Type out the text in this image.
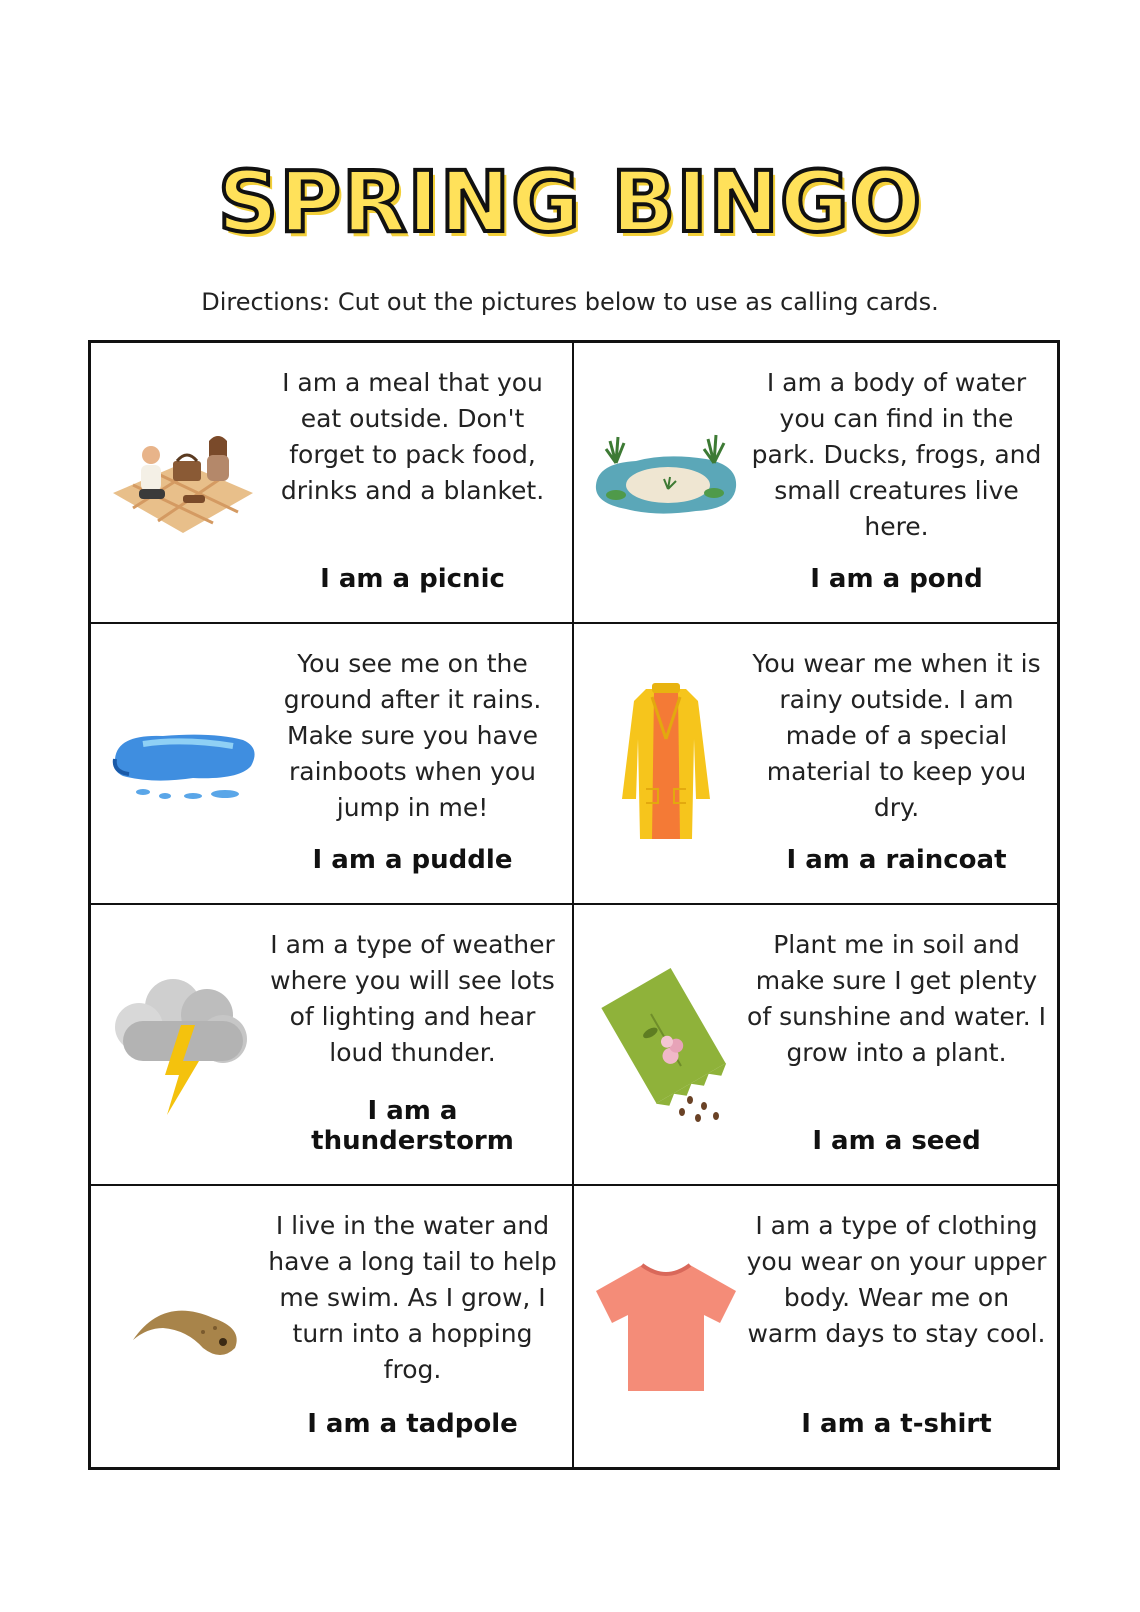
SPRING BINGO
Directions: Cut out the pictures below to use as calling cards.
I am a meal that you eat outside. Don't forget to pack food, drinks and a blanket.
I am a picnic
I am a body of water you can find in the park. Ducks, frogs, and small creatures live here.
I am a pond
You see me on the ground after it rains. Make sure you have rainboots when you jump in me!
I am a puddle
You wear me when it is rainy outside. I am made of a special material to keep you dry.
I am a raincoat
I am a type of weather where you will see lots of lighting and hear loud thunder.
I am a thunderstorm
Plant me in soil and make sure I get plenty of sunshine and water. I grow into a plant.
I am a seed
I live in the water and have a long tail to help me swim. As I grow, I turn into a hopping frog.
I am a tadpole
I am a type of clothing you wear on your upper body. Wear me on warm days to stay cool.
I am a t-shirt
